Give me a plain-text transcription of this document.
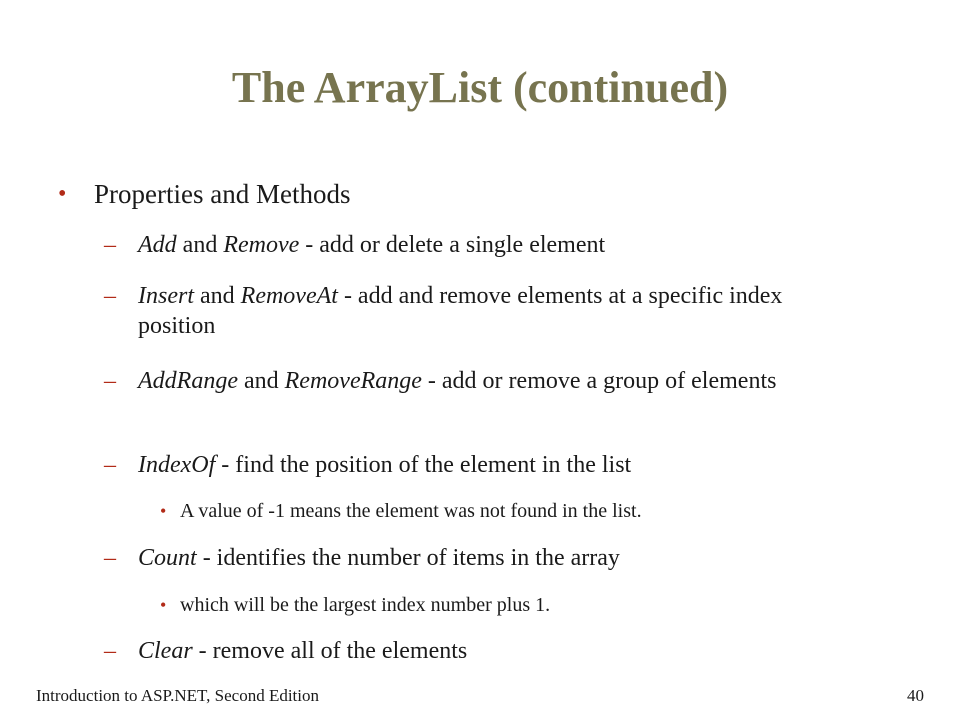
The ArrayList (continued)
•	Properties and Methods
– Add and Remove - add or delete a single element
– Insert and RemoveAt - add and remove elements at a specific index position
– AddRange and RemoveRange - add or remove a group of elements
– IndexOf - find the position of the element in the list
• A value of -1 means the element was not found in the list.
– Count - identifies the number of items in the array
• which will be the largest index number plus 1.
– Clear - remove all of the elements
Introduction to ASP.NET, Second Edition	40
